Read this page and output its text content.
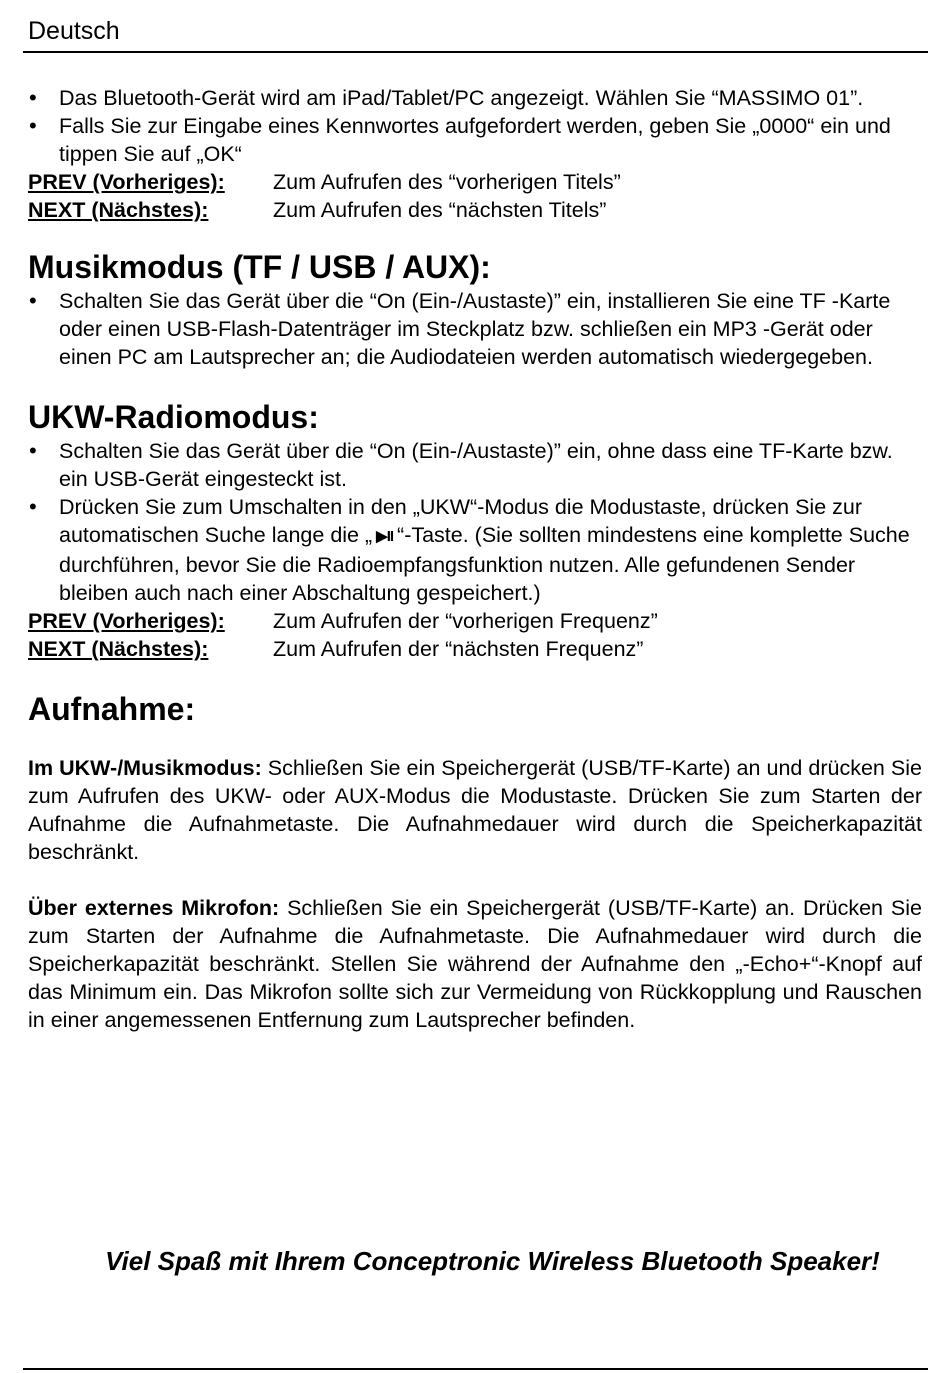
Deutsch
• Das Bluetooth-Gerät wird am iPad/Tablet/PC angezeigt. Wählen Sie “MASSIMO 01”.
• Falls Sie zur Eingabe eines Kennwortes aufgefordert werden, geben Sie „0000“ ein und tippen Sie auf „OK“
PREV (Vorheriges):	Zum Aufrufen des “vorherigen Titels”
NEXT (Nächstes):	Zum Aufrufen des “nächsten Titels”
Musikmodus (TF / USB / AUX):
• Schalten Sie das Gerät über die “On (Ein-/Austaste)” ein, installieren Sie eine TF -Karte oder einen USB-Flash-Datenträger im Steckplatz bzw. schließen ein MP3 -Gerät oder einen PC am Lautsprecher an; die Audiodateien werden automatisch wiedergegeben.
UKW-Radiomodus:
• Schalten Sie das Gerät über die “On (Ein-/Austaste)” ein, ohne dass eine TF-Karte bzw. ein USB-Gerät eingesteckt ist.
• Drücken Sie zum Umschalten in den „UKW“-Modus die Modustaste, drücken Sie zur automatischen Suche lange die „ ▶II “-Taste. (Sie sollten mindestens eine komplette Suche durchführen, bevor Sie die Radioempfangsfunktion nutzen. Alle gefundenen Sender bleiben auch nach einer Abschaltung gespeichert.)
PREV (Vorheriges):	Zum Aufrufen der “vorherigen Frequenz”
NEXT (Nächstes):	Zum Aufrufen der “nächsten Frequenz”
Aufnahme:

Im UKW-/Musikmodus: Schließen Sie ein Speichergerät (USB/TF-Karte) an und drücken Sie zum Aufrufen des UKW- oder AUX-Modus die Modustaste. Drücken Sie zum Starten der Aufnahme die Aufnahmetaste. Die Aufnahmedauer wird durch die Speicherkapazität beschränkt.

Über externes Mikrofon: Schließen Sie ein Speichergerät (USB/TF-Karte) an. Drücken Sie zum Starten der Aufnahme die Aufnahmetaste. Die Aufnahmedauer wird durch die Speicherkapazität beschränkt. Stellen Sie während der Aufnahme den „-Echo+“-Knopf auf das Minimum ein. Das Mikrofon sollte sich zur Vermeidung von Rückkopplung und Rauschen in einer angemessenen Entfernung zum Lautsprecher befinden.

Viel Spaß mit Ihrem Conceptronic Wireless Bluetooth Speaker!
